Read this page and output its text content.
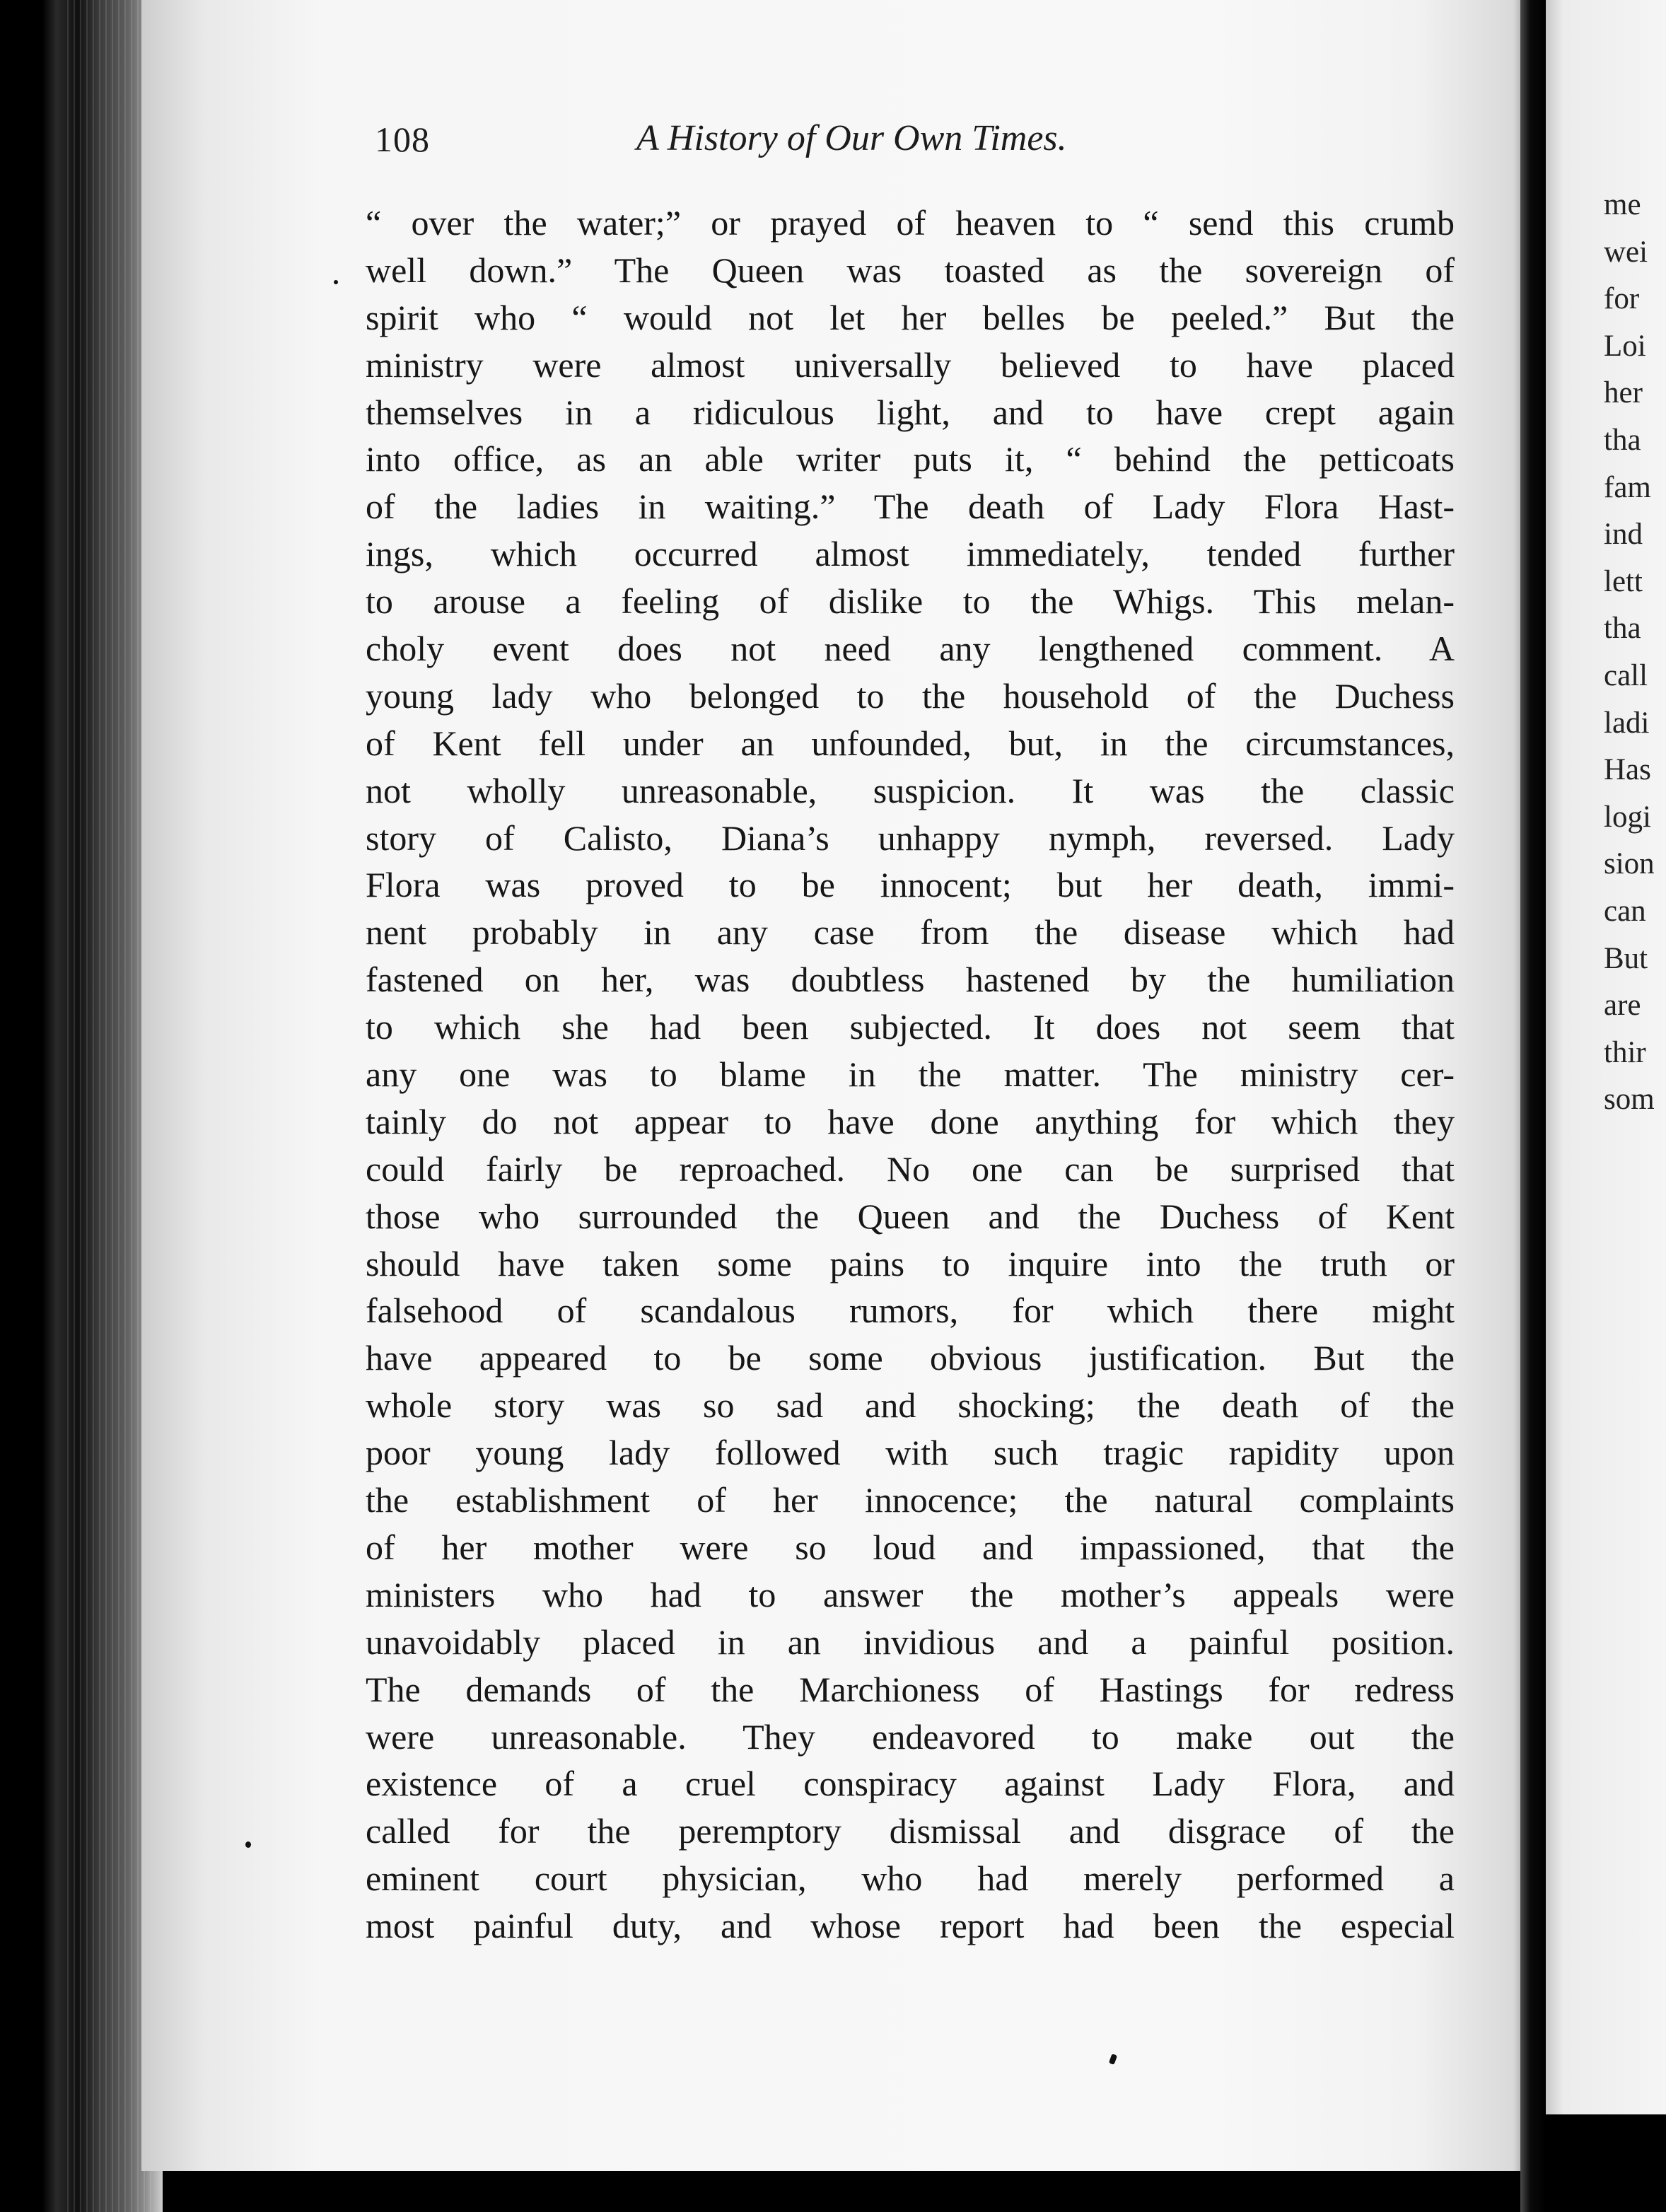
108	A History of Our Own Times.
“ over the water;” or prayed of heaven to “ send this crumb
well down.” The Queen was toasted as the sovereign of
spirit who “ would not let her belles be peeled.” But the
ministry were almost universally believed to have placed
themselves in a ridiculous light, and to have crept again
into office, as an able writer puts it, “ behind the petticoats
of the ladies in waiting.” The death of Lady Flora Hast-
ings, which occurred almost immediately, tended further
to arouse a feeling of dislike to the Whigs. This melan-
choly event does not need any lengthened comment. A
young lady who belonged to the household of the Duchess
of Kent fell under an unfounded, but, in the circumstances,
not wholly unreasonable, suspicion. It was the classic
story of Calisto, Diana’s unhappy nymph, reversed. Lady
Flora was proved to be innocent; but her death, immi-
nent probably in any case from the disease which had
fastened on her, was doubtless hastened by the humiliation
to which she had been subjected. It does not seem that
any one was to blame in the matter. The ministry cer-
tainly do not appear to have done anything for which they
could fairly be reproached. No one can be surprised that
those who surrounded the Queen and the Duchess of Kent
should have taken some pains to inquire into the truth or
falsehood of scandalous rumors, for which there might
have appeared to be some obvious justification. But the
whole story was so sad and shocking; the death of the
poor young lady followed with such tragic rapidity upon
the establishment of her innocence; the natural complaints
of her mother were so loud and impassioned, that the
ministers who had to answer the mother’s appeals were
unavoidably placed in an invidious and a painful position.
The demands of the Marchioness of Hastings for redress
were unreasonable. They endeavored to make out the
existence of a cruel conspiracy against Lady Flora, and
called for the peremptory dismissal and disgrace of the
eminent court physician, who had merely performed a
most painful duty, and whose report had been the especial
me
wei
for
Loi
her
tha
fam
ind
lett
tha
call
ladi
Has
logi
sion
can
But
are
thir
som
